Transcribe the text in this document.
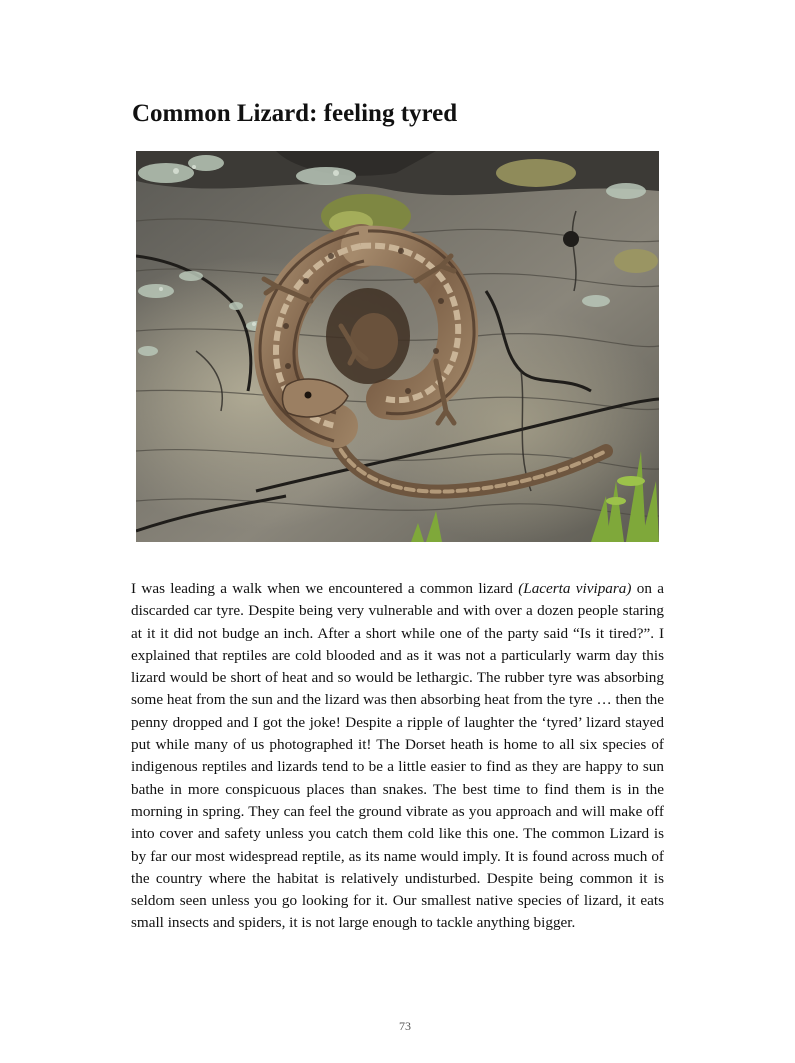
Common Lizard: feeling tyred

I was leading a walk when we encountered a common lizard (Lacerta vivipara) on a discarded car tyre. Despite being very vulnerable and with over a dozen people staring at it it did not budge an inch. After a short while one of the party said “Is it tired?”. I explained that reptiles are cold blooded and as it was not a particularly warm day this lizard would be short of heat and so would be lethargic. The rubber tyre was absorbing some heat from the sun and the lizard was then absorbing heat from the tyre … then the penny dropped and I got the joke! Despite a ripple of laughter the ‘tyred’ lizard stayed put while many of us photographed it! The Dorset heath is home to all six species of indigenous reptiles and lizards tend to be a little easier to find as they are happy to sun bathe in more conspicuous places than snakes. The best time to find them is in the morning in spring. They can feel the ground vibrate as you approach and will make off into cover and safety unless you catch them cold like this one. The common Lizard is by far our most widespread reptile, as its name would imply. It is found across much of the country where the habitat is relatively undisturbed. Despite being common it is seldom seen unless you go looking for it. Our smallest native species of lizard, it eats small insects and spiders, it is not large enough to tackle anything bigger.

73
